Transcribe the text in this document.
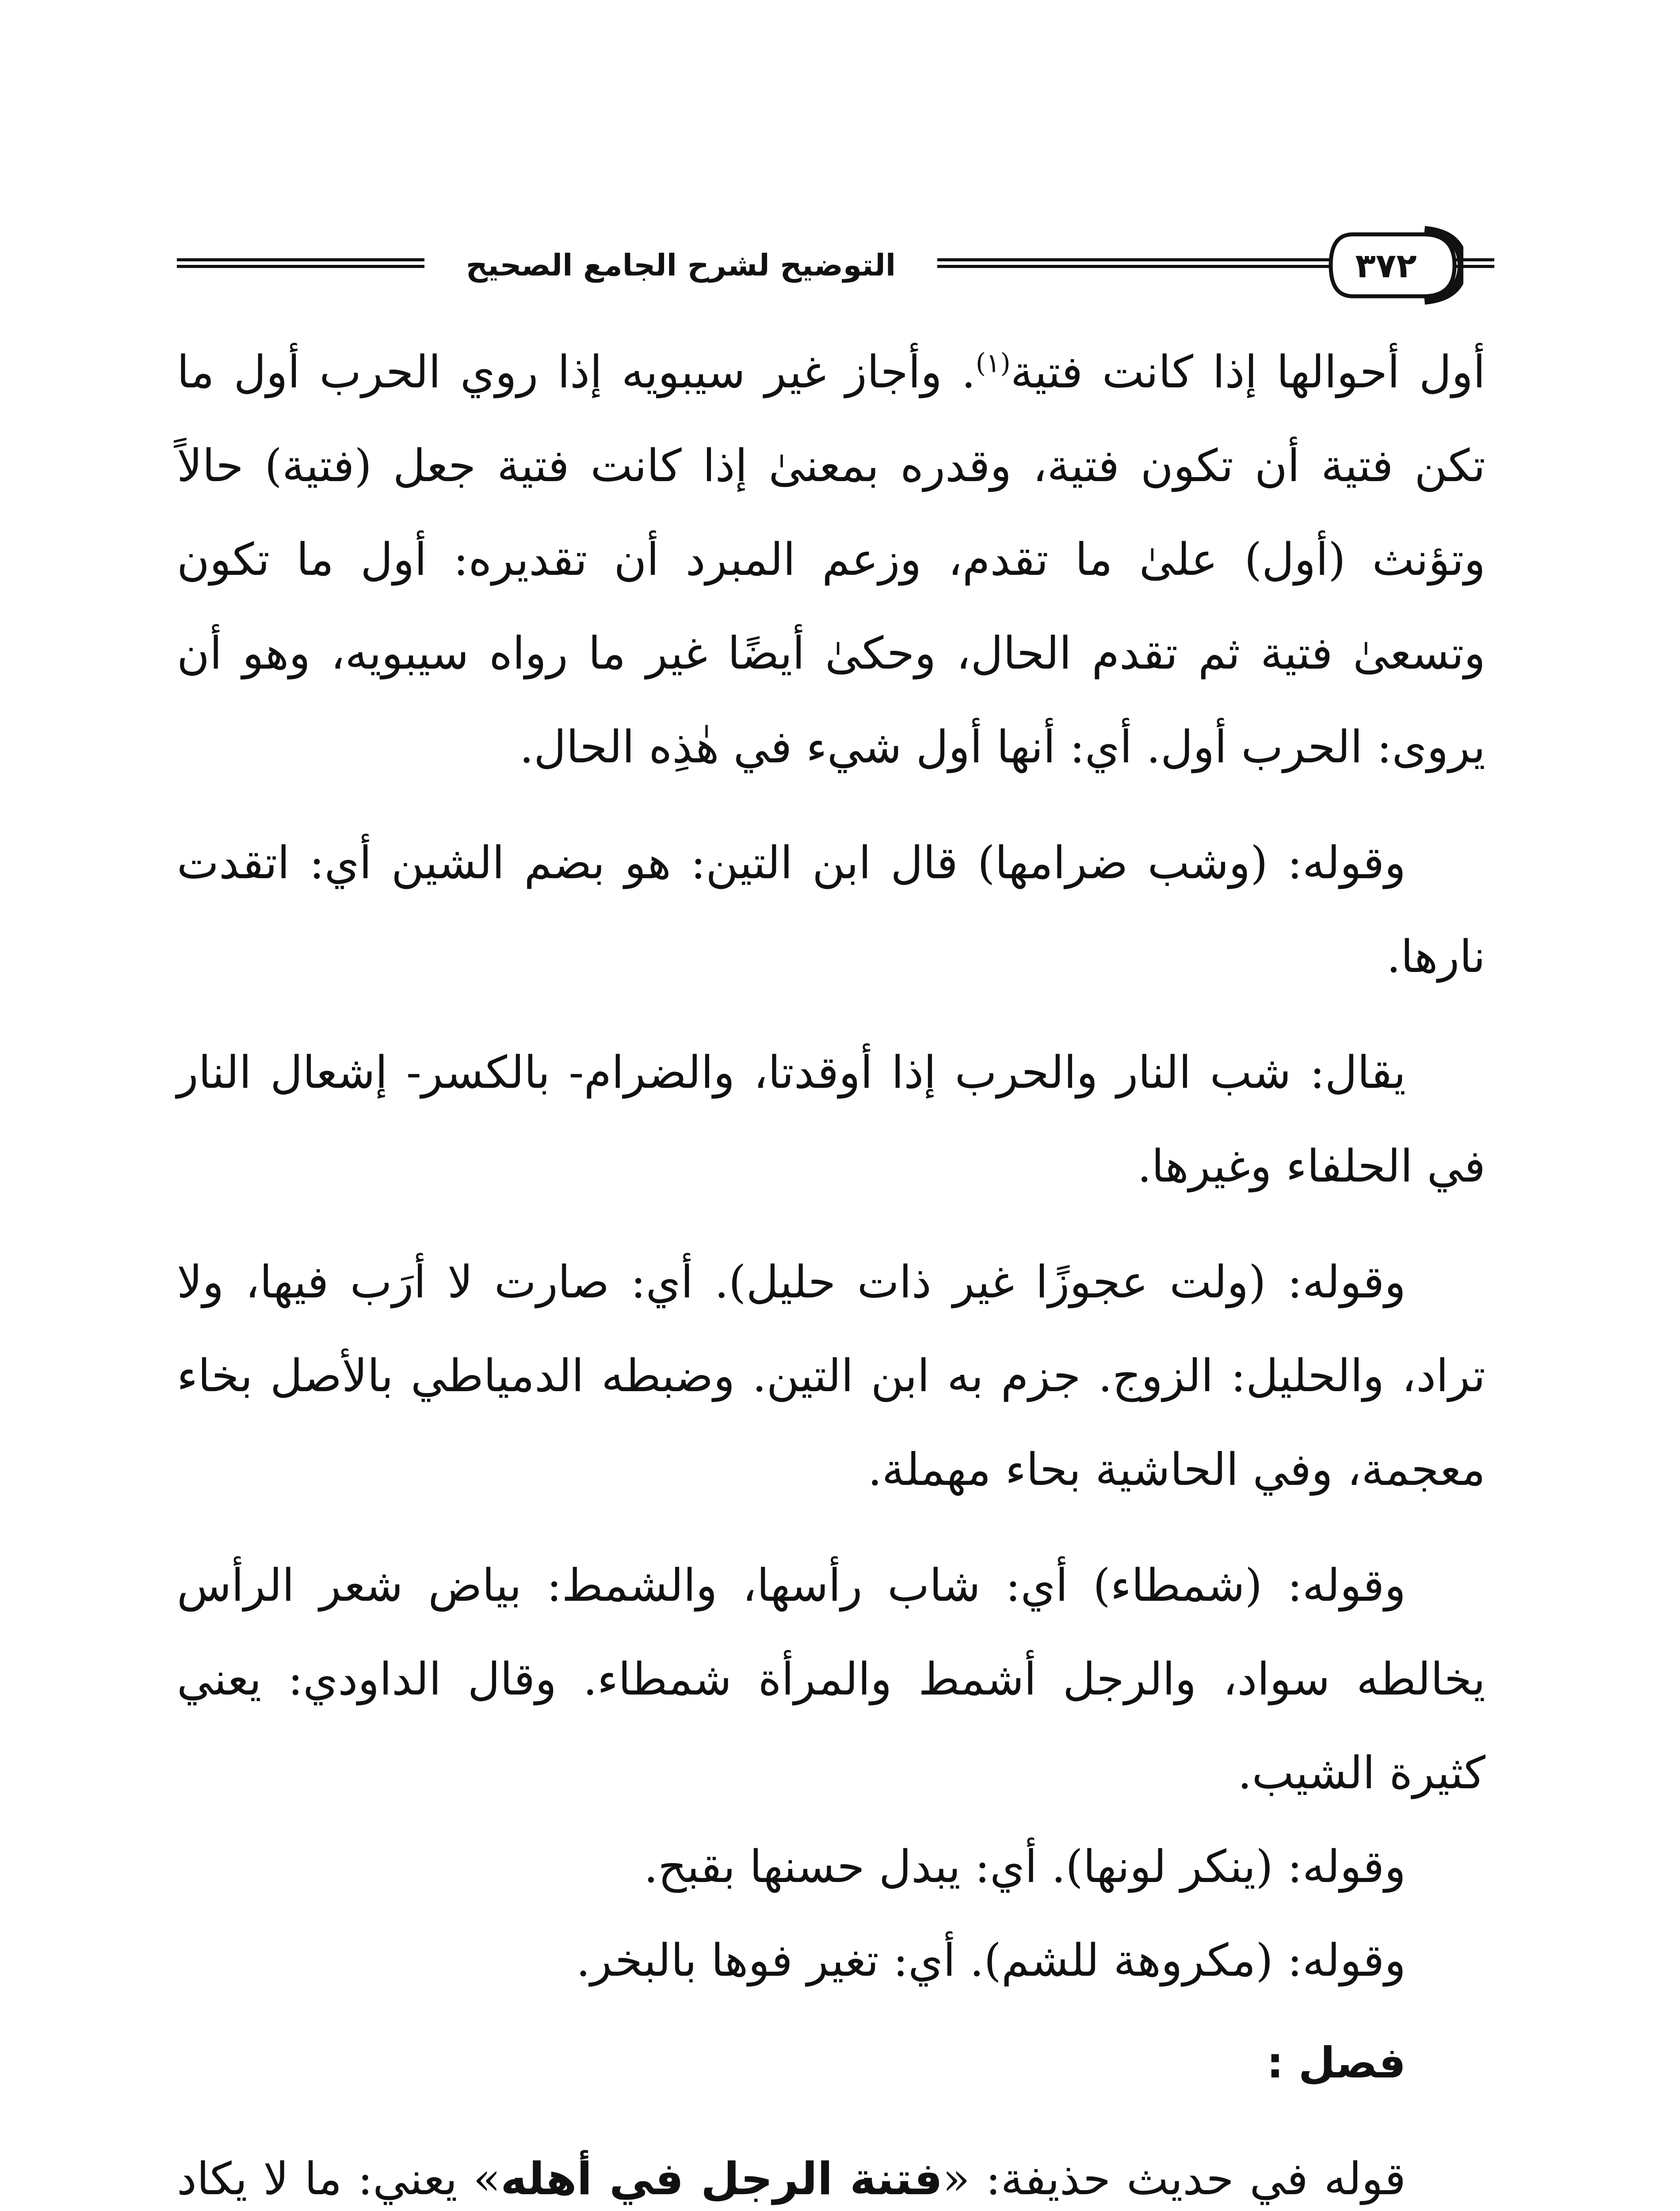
التوضيح لشرح الجامع الصحيح	٣٧٢

أول أحوالها إذا كانت فتية$^{(١)}$. وأجاز غير سيبويه إذا روي الحرب أول ما تكن فتية أن تكون فتية، وقدره بمعنىٰ إذا كانت فتية جعل (فتية) حالاً وتؤنث (أول) علىٰ ما تقدم، وزعم المبرد أن تقديره: أول ما تكون وتسعىٰ فتية ثم تقدم الحال، وحكىٰ أيضًا غير ما رواه سيبويه، وهو أن يروى: الحرب أول. أي: أنها أول شيء في هٰذِه الحال.

وقوله: (وشب ضرامها) قال ابن التين: هو بضم الشين أي: اتقدت نارها.

يقال: شب النار والحرب إذا أوقدتا، والضرام- بالكسر- إشعال النار في الحلفاء وغيرها.

وقوله: (ولت عجوزًا غير ذات حليل). أي: صارت لا أرَب فيها، ولا تراد، والحليل: الزوج. جزم به ابن التين. وضبطه الدمياطي بالأصل بخاء معجمة، وفي الحاشية بحاء مهملة.

وقوله: (شمطاء) أي: شاب رأسها، والشمط: بياض شعر الرأس يخالطه سواد، والرجل أشمط والمرأة شمطاء. وقال الداودي: يعني كثيرة الشيب.

وقوله: (ينكر لونها). أي: يبدل حسنها بقبح.

وقوله: (مكروهة للشم). أي: تغير فوها بالبخر.

فصل :

قوله في حديث حذيفة: «فتنة الرجل في أهله» يعني: ما لا يكاد
